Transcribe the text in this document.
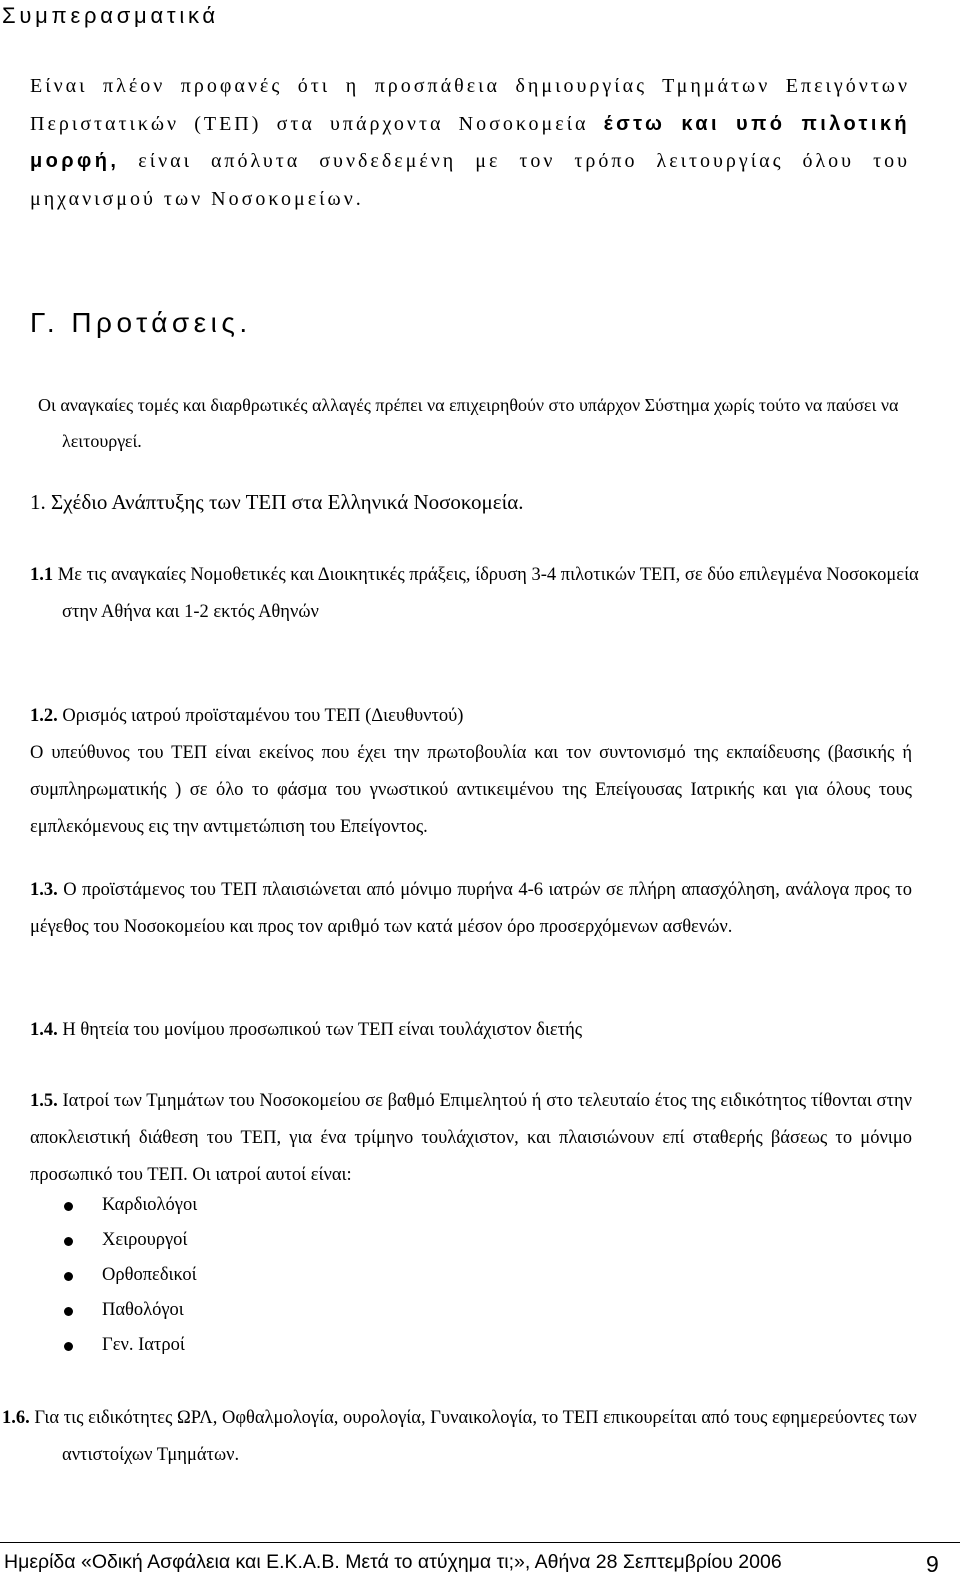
Συμπερασματικά

Είναι πλέον προφανές ότι η προσπάθεια δημιουργίας Τμημάτων Επειγόντων Περιστατικών (ΤΕΠ) στα υπάρχοντα Νοσοκομεία έστω και υπό πιλοτική μορφή, είναι απόλυτα συνδεδεμένη με τον τρόπο λειτουργίας όλου του μηχανισμού των Νοσοκομείων.

Γ. Προτάσεις.

Οι αναγκαίες τομές και διαρθρωτικές αλλαγές πρέπει να επιχειρηθούν στο υπάρχον Σύστημα χωρίς τούτο να παύσει να λειτουργεί.

1. Σχέδιο Ανάπτυξης των ΤΕΠ στα Ελληνικά Νοσοκομεία.

1.1 Με τις αναγκαίες Νομοθετικές και Διοικητικές πράξεις, ίδρυση 3-4 πιλοτικών ΤΕΠ, σε δύο επιλεγμένα Νοσοκομεία στην Αθήνα και 1-2 εκτός Αθηνών

1.2. Ορισμός ιατρού προϊσταμένου του ΤΕΠ (Διευθυντού)
Ο υπεύθυνος του ΤΕΠ είναι εκείνος που έχει την πρωτοβουλία και τον συντονισμό της εκπαίδευσης (βασικής ή συμπληρωματικής ) σε όλο το φάσμα του γνωστικού αντικειμένου της Επείγουσας Ιατρικής και για όλους τους εμπλεκόμενους εις την αντιμετώπιση του Επείγοντος.

1.3. Ο προϊστάμενος του ΤΕΠ πλαισιώνεται από μόνιμο πυρήνα 4-6 ιατρών σε πλήρη απασχόληση, ανάλογα προς το μέγεθος του Νοσοκομείου και προς τον αριθμό των κατά μέσον όρο προσερχόμενων ασθενών.

1.4. Η θητεία του μονίμου προσωπικού των ΤΕΠ είναι τουλάχιστον διετής

1.5. Ιατροί των Τμημάτων του Νοσοκομείου σε βαθμό Επιμελητού ή στο τελευταίο έτος της ειδικότητος τίθονται στην αποκλειστική διάθεση του ΤΕΠ, για ένα τρίμηνο τουλάχιστον, και πλαισιώνουν επί σταθερής βάσεως το μόνιμο προσωπικό του ΤΕΠ. Οι ιατροί αυτοί είναι:

Καρδιολόγοι
Χειρουργοί
Ορθοπεδικοί
Παθολόγοι
Γεν. Ιατροί

1.6. Για τις ειδικότητες ΩΡΛ, Οφθαλμολογία, ουρολογία, Γυναικολογία, το ΤΕΠ επικουρείται από τους εφημερεύοντες των αντιστοίχων Τμημάτων.

Ημερίδα «Οδική Ασφάλεια και Ε.Κ.Α.Β. Μετά το ατύχημα τι;», Αθήνα 28 Σεπτεμβρίου 2006	9
